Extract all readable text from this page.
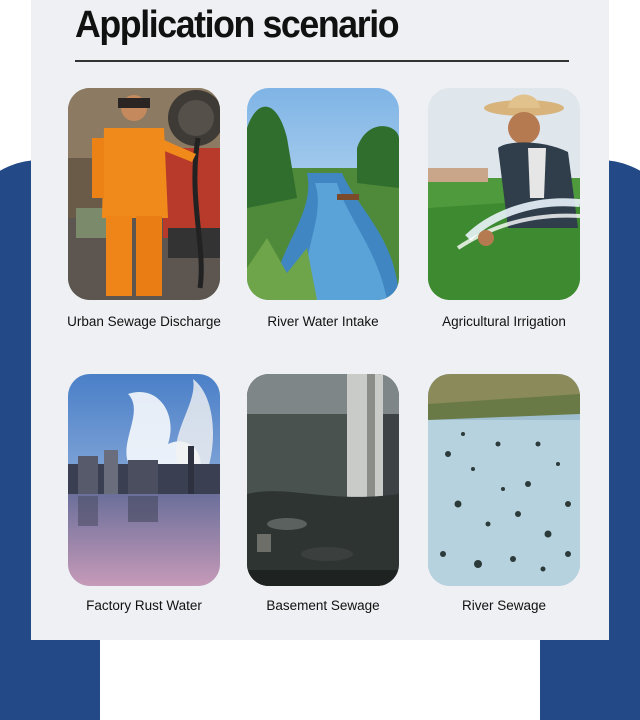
Application scenario
Urban Sewage Discharge	River Water Intake	Agricultural Irrigation
Factory Rust Water	Basement Sewage	River Sewage
